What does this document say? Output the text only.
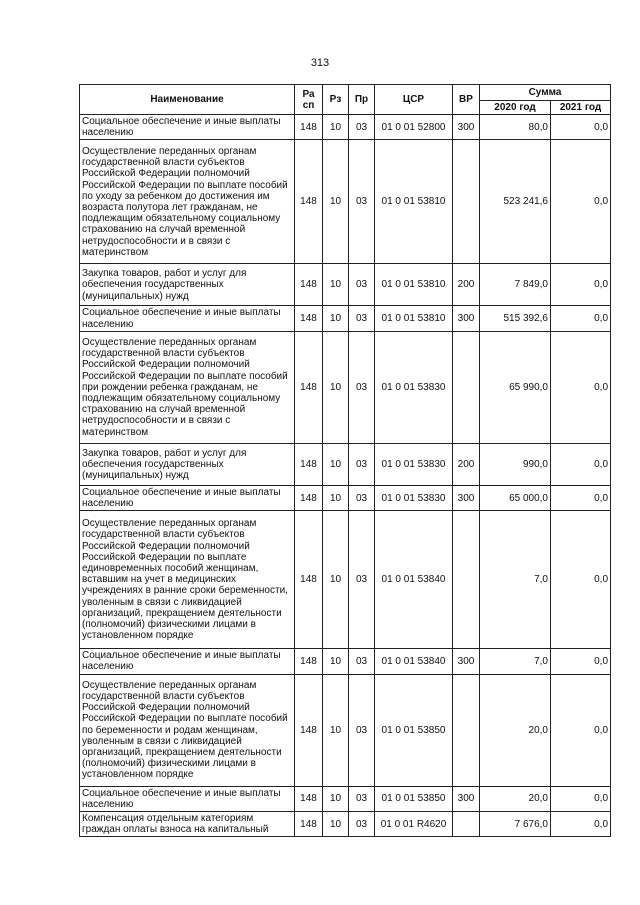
313
Наименование	Ра сп	Рз	Пр	ЦСР	ВР	Сумма	
						2020 год	2021 год
Социальное обеспечение и иные выплаты населению	148	10	03	01 0 01 52800	300	80,0	0,0
Осуществление переданных органам государственной власти субъектов Российской Федерации полномочий Российской Федерации по выплате пособий по уходу за ребенком до достижения им возраста полутора лет гражданам, не подлежащим обязательному социальному страхованию на случай временной нетрудоспособности и в связи с материнством	148	10	03	01 0 01 53810		523 241,6	0,0
Закупка товаров, работ и услуг для обеспечения государственных (муниципальных) нужд	148	10	03	01 0 01 53810	200	7 849,0	0,0
Социальное обеспечение и иные выплаты населению	148	10	03	01 0 01 53810	300	515 392,6	0,0
Осуществление переданных органам государственной власти субъектов Российской Федерации полномочий Российской Федерации по выплате пособий при рождении ребенка гражданам, не подлежащим обязательному социальному страхованию на случай временной нетрудоспособности и в связи с материнством	148	10	03	01 0 01 53830		65 990,0	0,0
Закупка товаров, работ и услуг для обеспечения государственных (муниципальных) нужд	148	10	03	01 0 01 53830	200	990,0	0,0
Социальное обеспечение и иные выплаты населению	148	10	03	01 0 01 53830	300	65 000,0	0,0
Осуществление переданных органам государственной власти субъектов Российской Федерации полномочий Российской Федерации по выплате единовременных пособий женщинам, вставшим на учет в медицинских учреждениях в ранние сроки беременности, уволенным в связи с ликвидацией организаций, прекращением деятельности (полномочий) физическими лицами в установленном порядке	148	10	03	01 0 01 53840		7,0	0,0
Социальное обеспечение и иные выплаты населению	148	10	03	01 0 01 53840	300	7,0	0,0
Осуществление переданных органам государственной власти субъектов Российской Федерации полномочий Российской Федерации по выплате пособий по беременности и родам женщинам, уволенным в связи с ликвидацией организаций, прекращением деятельности (полномочий) физическими лицами в установленном порядке	148	10	03	01 0 01 53850		20,0	0,0
Социальное обеспечение и иные выплаты населению	148	10	03	01 0 01 53850	300	20,0	0,0
Компенсация отдельным категориям граждан оплаты взноса на капитальный	148	10	03	01 0 01 R4620		7 676,0	0,0
